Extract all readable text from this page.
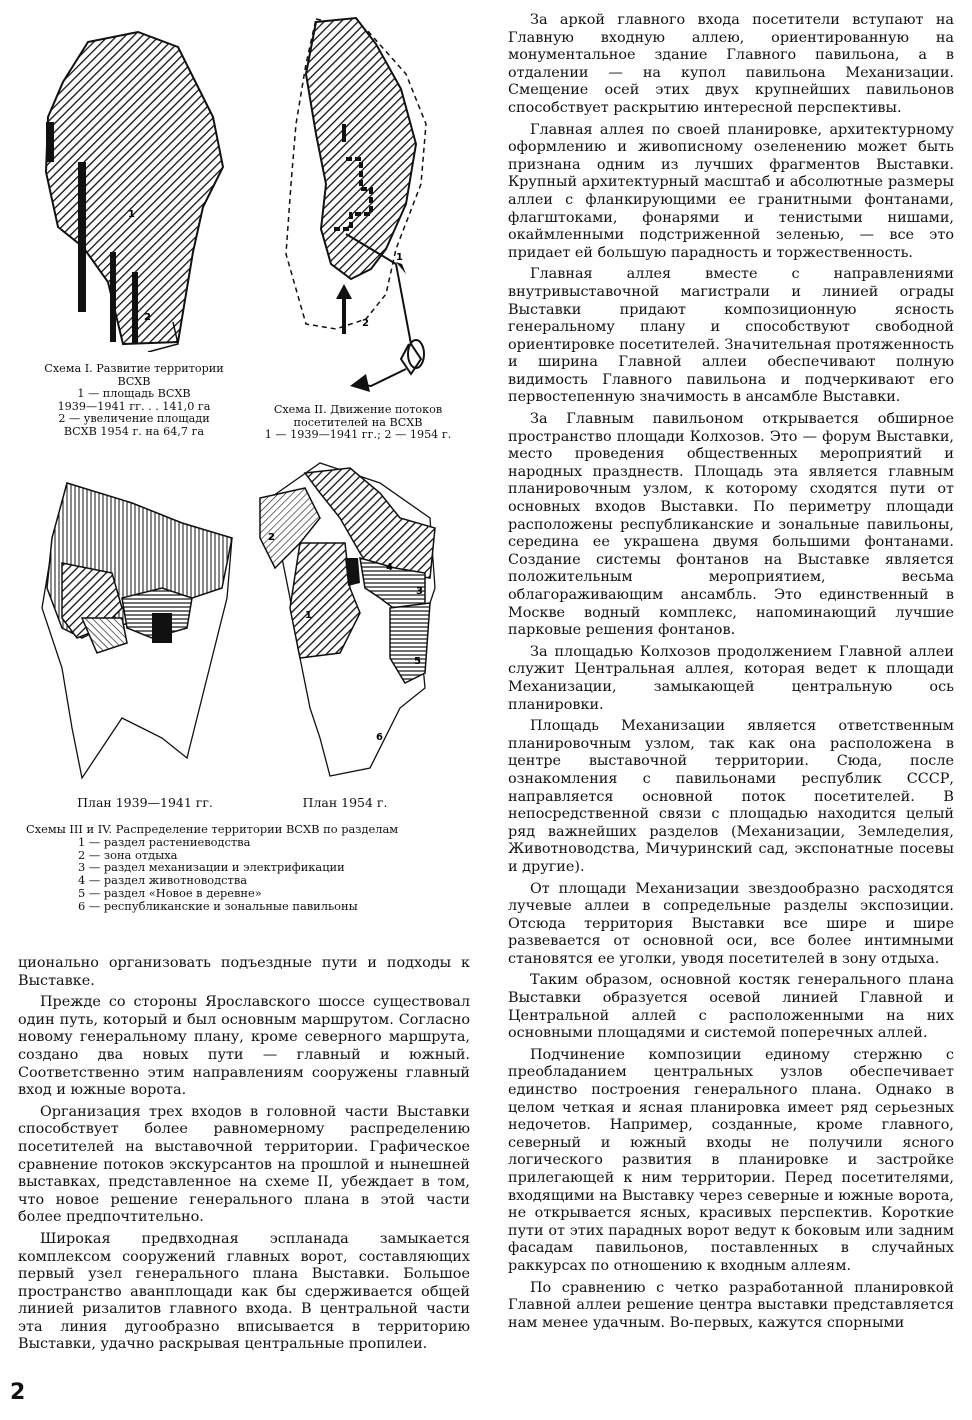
1
2
Схема I. Развитие территории ВСХВ
1 — площадь ВСХВ
1939—1941 гг. . . 141,0 га
2 — увеличение площади
ВСХВ 1954 г. на 64,7 га
1
2
Схема II. Движение потоков посетителей на ВСХВ
1 — 1939—1941 гг.; 2 — 1954 г.
План 1939—1941 гг.
2
1
4
3
5
6
План 1954 г.
Схемы III и IV. Распределение территории ВСХВ по разделам
1 — раздел растениеводства
2 — зона отдыха
3 — раздел механизации и электрификации
4 — раздел животноводства
5 — раздел «Новое в деревне»
6 — республиканские и зональные павильоны

ционально организовать подъездные пути и подходы к Выставке.

Прежде со стороны Ярославского шоссе существовал один путь, который и был основным маршрутом. Согласно новому генеральному плану, кроме северного маршрута, создано два новых пути — главный и южный. Соответственно этим направлениям сооружены главный вход и южные ворота.

Организация трех входов в головной части Выставки способствует более равномерному распределению посетителей на выставочной территории. Графическое сравнение потоков экскурсантов на прошлой и нынешней выставках, представленное на схеме II, убеждает в том, что новое решение генерального плана в этой части более предпочтительно.

Широкая предвходная эспланада замыкается комплексом сооружений главных ворот, составляющих первый узел генерального плана Выставки. Большое пространство аванплощади как бы сдерживается общей линией ризалитов главного входа. В центральной части эта линия дугообразно вписывается в территорию Выставки, удачно раскрывая центральные пропилеи.

За аркой главного входа посетители вступают на Главную входную аллею, ориентированную на монументальное здание Главного павильона, а в отдалении — на купол павильона Механизации. Смещение осей этих двух крупнейших павильонов способствует раскрытию интересной перспективы.

Главная аллея по своей планировке, архитектурному оформлению и живописному озеленению может быть признана одним из лучших фрагментов Выставки. Крупный архитектурный масштаб и абсолютные размеры аллеи с фланкирующими ее гранитными фонтанами, флагштоками, фонарями и тенистыми нишами, окаймленными подстриженной зеленью, — все это придает ей большую парадность и торжественность.

Главная аллея вместе с направлениями внутривыставочной магистрали и линией ограды Выставки придают композиционную ясность генеральному плану и способствуют свободной ориентировке посетителей. Значительная протяженность и ширина Главной аллеи обеспечивают полную видимость Главного павильона и подчеркивают его первостепенную значимость в ансамбле Выставки.

За Главным павильоном открывается обширное пространство площади Колхозов. Это — форум Выставки, место проведения общественных мероприятий и народных празднеств. Площадь эта является главным планировочным узлом, к которому сходятся пути от основных входов Выставки. По периметру площади расположены республиканские и зональные павильоны, середина ее украшена двумя большими фонтанами. Создание системы фонтанов на Выставке является положительным мероприятием, весьма облагораживающим ансамбль. Это единственный в Москве водный комплекс, напоминающий лучшие парковые решения фонтанов.

За площадью Колхозов продолжением Главной аллеи служит Центральная аллея, которая ведет к площади Механизации, замыкающей центральную ось планировки.

Площадь Механизации является ответственным планировочным узлом, так как она расположена в центре выставочной территории. Сюда, после ознакомления с павильонами республик СССР, направляется основной поток посетителей. В непосредственной связи с площадью находится целый ряд важнейших разделов (Механизации, Земледелия, Животноводства, Мичуринский сад, экспонатные посевы и другие).

От площади Механизации звездообразно расходятся лучевые аллеи в сопредельные разделы экспозиции. Отсюда территория Выставки все шире и шире развевается от основной оси, все более интимными становятся ее уголки, уводя посетителей в зону отдыха.

Таким образом, основной костяк генерального плана Выставки образуется осевой линией Главной и Центральной аллей с расположенными на них основными площадями и системой поперечных аллей.

Подчинение композиции единому стержню с преобладанием центральных узлов обеспечивает единство построения генерального плана. Однако в целом четкая и ясная планировка имеет ряд серьезных недочетов. Например, созданные, кроме главного, северный и южный входы не получили ясного логического развития в планировке и застройке прилегающей к ним территории. Перед посетителями, входящими на Выставку через северные и южные ворота, не открывается ясных, красивых перспектив. Короткие пути от этих парадных ворот ведут к боковым или задним фасадам павильонов, поставленных в случайных раккурсах по отношению к входным аллеям.

По сравнению с четко разработанной планировкой Главной аллеи решение центра выставки представляется нам менее удачным. Во-первых, кажутся спорными

2
